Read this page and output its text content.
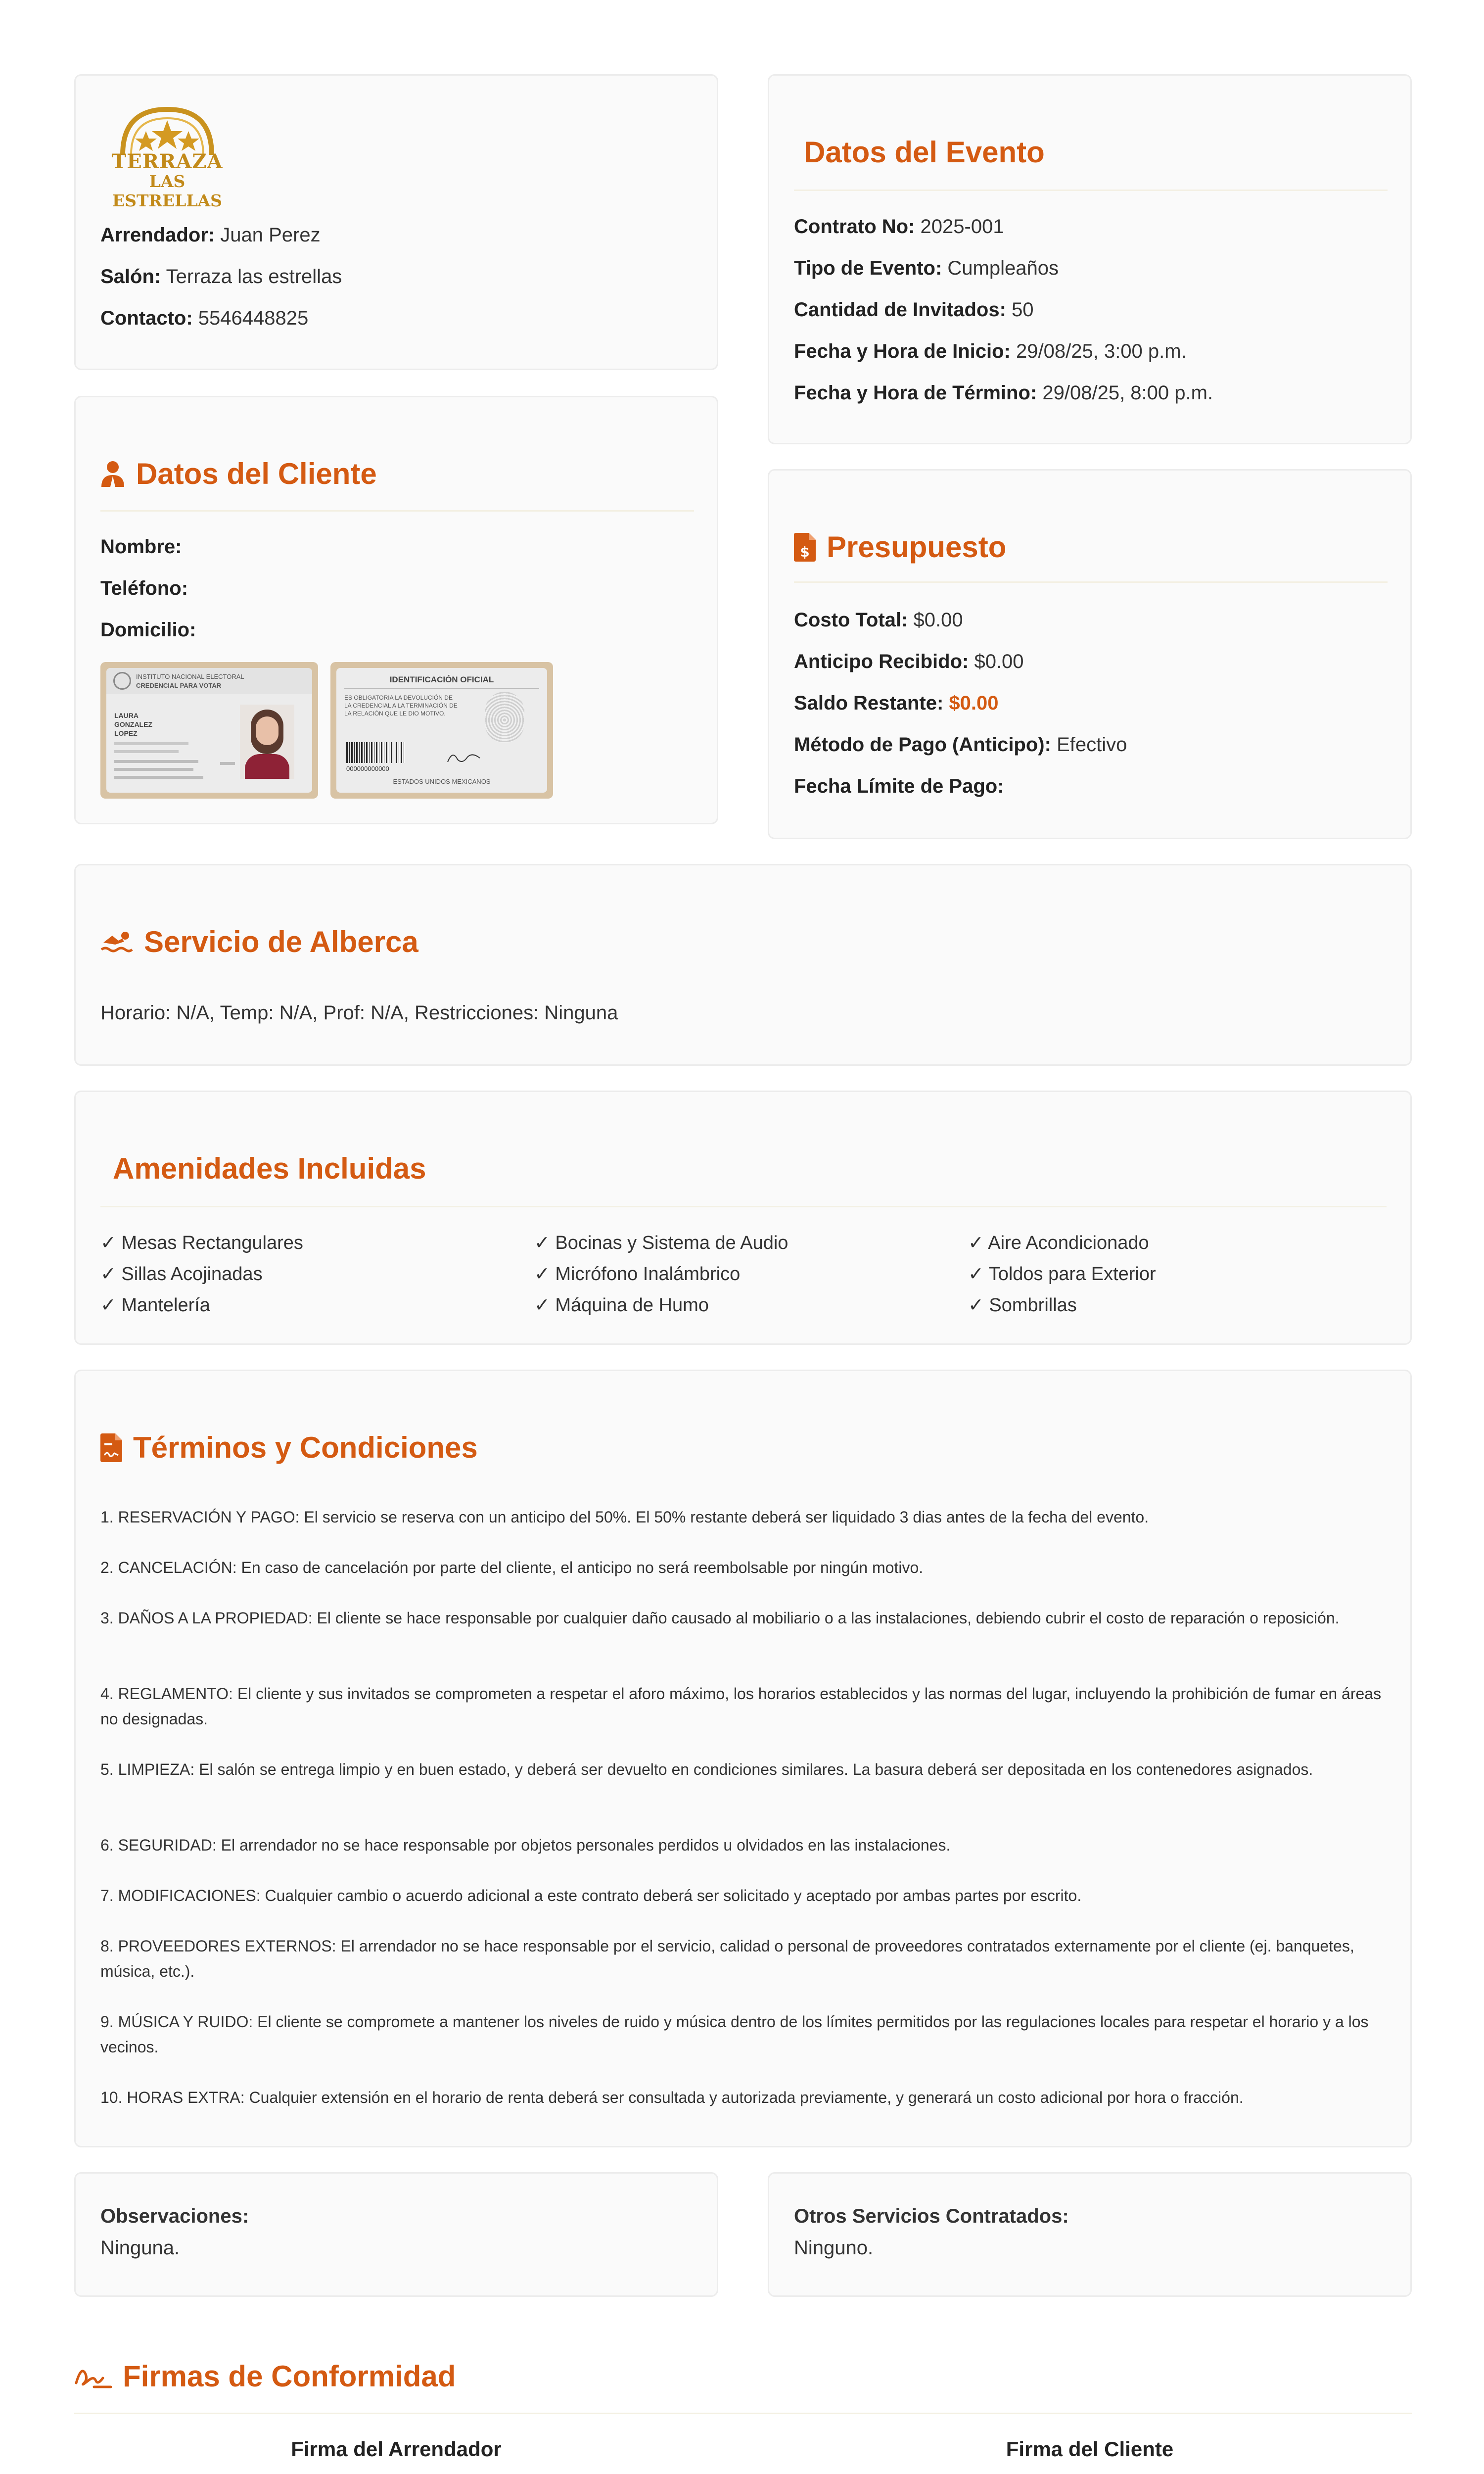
TERRAZA
LAS ESTRELLAS
Arrendador: Juan Perez
Salón: Terraza las estrellas
Contacto: 5546448825
Datos del Evento
Contrato No: 2025-001
Tipo de Evento: Cumpleaños
Cantidad de Invitados: 50
Fecha y Hora de Inicio: 29/08/25, 3:00 p.m.
Fecha y Hora de Término: 29/08/25, 8:00 p.m.
Datos del Cliente
Nombre:
Teléfono:
Domicilio:
INSTITUTO NACIONAL ELECTORAL
CREDENCIAL PARA VOTAR
LAURA
GONZALEZ
LOPEZ
IDENTIFICACIÓN OFICIAL
ES OBLIGATORIA LA DEVOLUCIÓN DE LA CREDENCIAL A LA TERMINACIÓN DE LA RELACIÓN QUE LE DIO MOTIVO.
000000000000
ESTADOS UNIDOS MEXICANOS
$ Presupuesto
Costo Total: $0.00
Anticipo Recibido: $0.00
Saldo Restante: $0.00
Método de Pago (Anticipo): Efectivo
Fecha Límite de Pago:
Servicio de Alberca
Horario: N/A, Temp: N/A, Prof: N/A, Restricciones: Ninguna
Amenidades Incluidas
✓ Mesas Rectangulares
✓ Sillas Acojinadas
✓ Mantelería
✓ Bocinas y Sistema de Audio
✓ Micrófono Inalámbrico
✓ Máquina de Humo
✓ Aire Acondicionado
✓ Toldos para Exterior
✓ Sombrillas
Términos y Condiciones
1. RESERVACIÓN Y PAGO: El servicio se reserva con un anticipo del 50%. El 50% restante deberá ser liquidado 3 dias antes de la fecha del evento.
2. CANCELACIÓN: En caso de cancelación por parte del cliente, el anticipo no será reembolsable por ningún motivo.
3. DAÑOS A LA PROPIEDAD: El cliente se hace responsable por cualquier daño causado al mobiliario o a las instalaciones, debiendo cubrir el costo de reparación o reposición.
4. REGLAMENTO: El cliente y sus invitados se comprometen a respetar el aforo máximo, los horarios establecidos y las normas del lugar, incluyendo la prohibición de fumar en áreas no designadas.
5. LIMPIEZA: El salón se entrega limpio y en buen estado, y deberá ser devuelto en condiciones similares. La basura deberá ser depositada en los contenedores asignados.
6. SEGURIDAD: El arrendador no se hace responsable por objetos personales perdidos u olvidados en las instalaciones.
7. MODIFICACIONES: Cualquier cambio o acuerdo adicional a este contrato deberá ser solicitado y aceptado por ambas partes por escrito.
8. PROVEEDORES EXTERNOS: El arrendador no se hace responsable por el servicio, calidad o personal de proveedores contratados externamente por el cliente (ej. banquetes, música, etc.).
9. MÚSICA Y RUIDO: El cliente se compromete a mantener los niveles de ruido y música dentro de los límites permitidos por las regulaciones locales para respetar el horario y a los vecinos.
10. HORAS EXTRA: Cualquier extensión en el horario de renta deberá ser consultada y autorizada previamente, y generará un costo adicional por hora o fracción.
Observaciones:
Ninguna.
Otros Servicios Contratados:
Ninguno.
Firmas de Conformidad
Firma del Arrendador	Firma del Cliente
